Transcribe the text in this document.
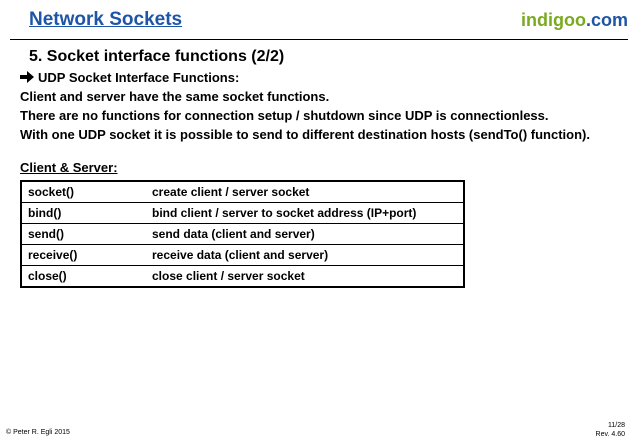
Network Sockets	indigoo.com
5. Socket interface functions (2/2)
UDP Socket Interface Functions:
Client and server have the same socket functions.
There are no functions for connection setup / shutdown since UDP is connectionless.
With one UDP socket it is possible to send to different destination hosts (sendTo() function).
Client & Server:
socket()	create client / server socket
bind()	bind client / server to socket address (IP+port)
send()	send data (client and server)
receive()	receive data (client and server)
close()	close client / server socket
© Peter R. Egli 2015
11/28
Rev. 4.60
